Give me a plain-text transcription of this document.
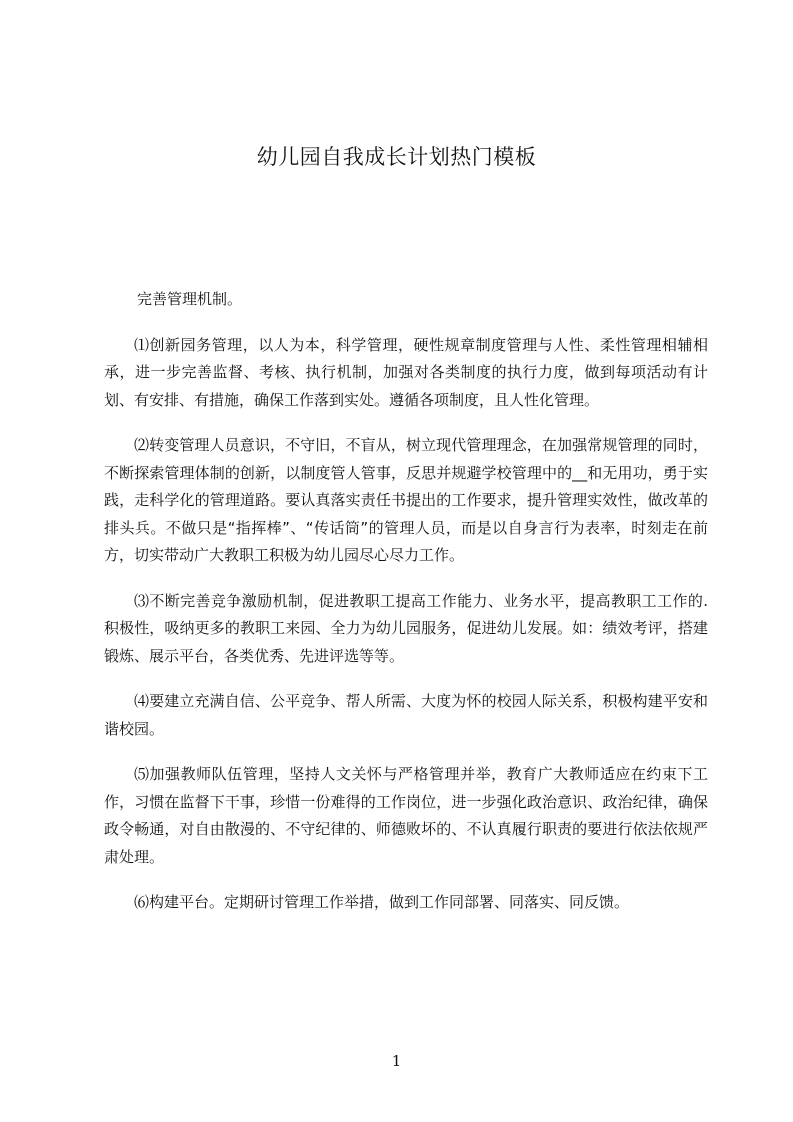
幼儿园自我成长计划热门模板

完善管理机制。

⑴创新园务管理，以人为本，科学管理，硬性规章制度管理与人性、柔性管理相辅相承，进一步完善监督、考核、执行机制，加强对各类制度的执行力度，做到每项活动有计划、有安排、有措施，确保工作落到实处。遵循各项制度，且人性化管理。

⑵转变管理人员意识，不守旧，不盲从，树立现代管理理念，在加强常规管理的同时，不断探索管理体制的创新，以制度管人管事，反思并规避学校管理中的__和无用功，勇于实践，走科学化的管理道路。要认真落实责任书提出的工作要求，提升管理实效性，做改革的排头兵。不做只是“指挥棒”、“传话筒”的管理人员，而是以自身言行为表率，时刻走在前方，切实带动广大教职工积极为幼儿园尽心尽力工作。

⑶不断完善竞争激励机制，促进教职工提高工作能力、业务水平，提高教职工工作的.积极性，吸纳更多的教职工来园、全力为幼儿园服务，促进幼儿发展。如：绩效考评，搭建锻炼、展示平台，各类优秀、先进评选等等。

⑷要建立充满自信、公平竞争、帮人所需、大度为怀的校园人际关系，积极构建平安和谐校园。

⑸加强教师队伍管理，坚持人文关怀与严格管理并举，教育广大教师适应在约束下工作，习惯在监督下干事，珍惜一份难得的工作岗位，进一步强化政治意识、政治纪律，确保政令畅通，对自由散漫的、不守纪律的、师德败坏的、不认真履行职责的要进行依法依规严肃处理。

⑹构建平台。定期研讨管理工作举措，做到工作同部署、同落实、同反馈。

1
